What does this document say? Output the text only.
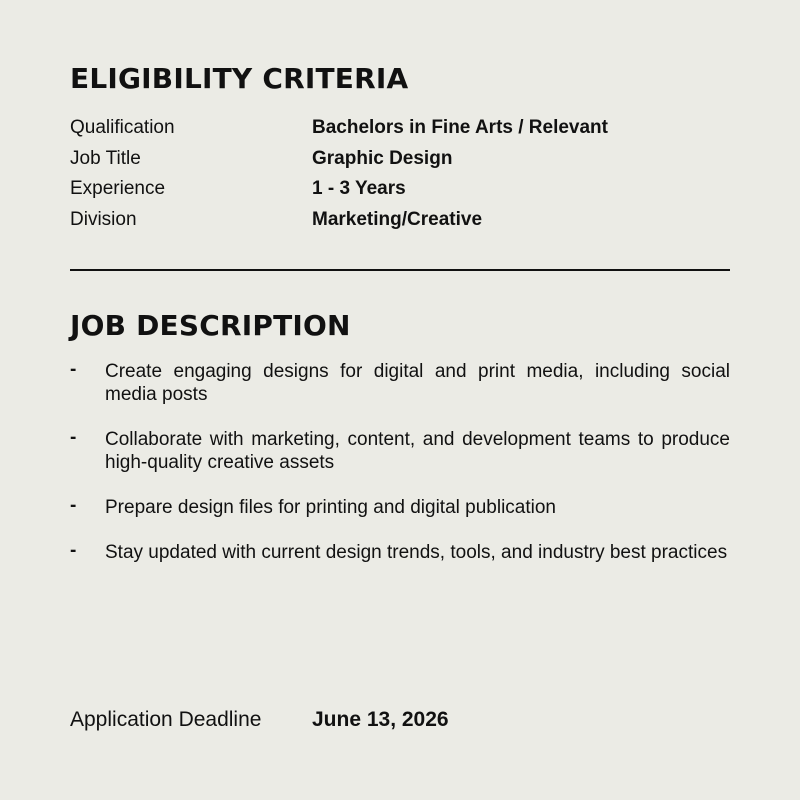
ELIGIBILITY CRITERIA
Qualification	Bachelors in Fine Arts / Relevant
Job Title	Graphic Design
Experience	1 - 3 Years
Division	Marketing/Creative
JOB DESCRIPTION
- Create engaging designs for digital and print media, including social media posts
- Collaborate with marketing, content, and development teams to produce high-quality creative assets
- Prepare design files for printing and digital publication
- Stay updated with current design trends, tools, and industry best practices
Application Deadline June 13, 2026
